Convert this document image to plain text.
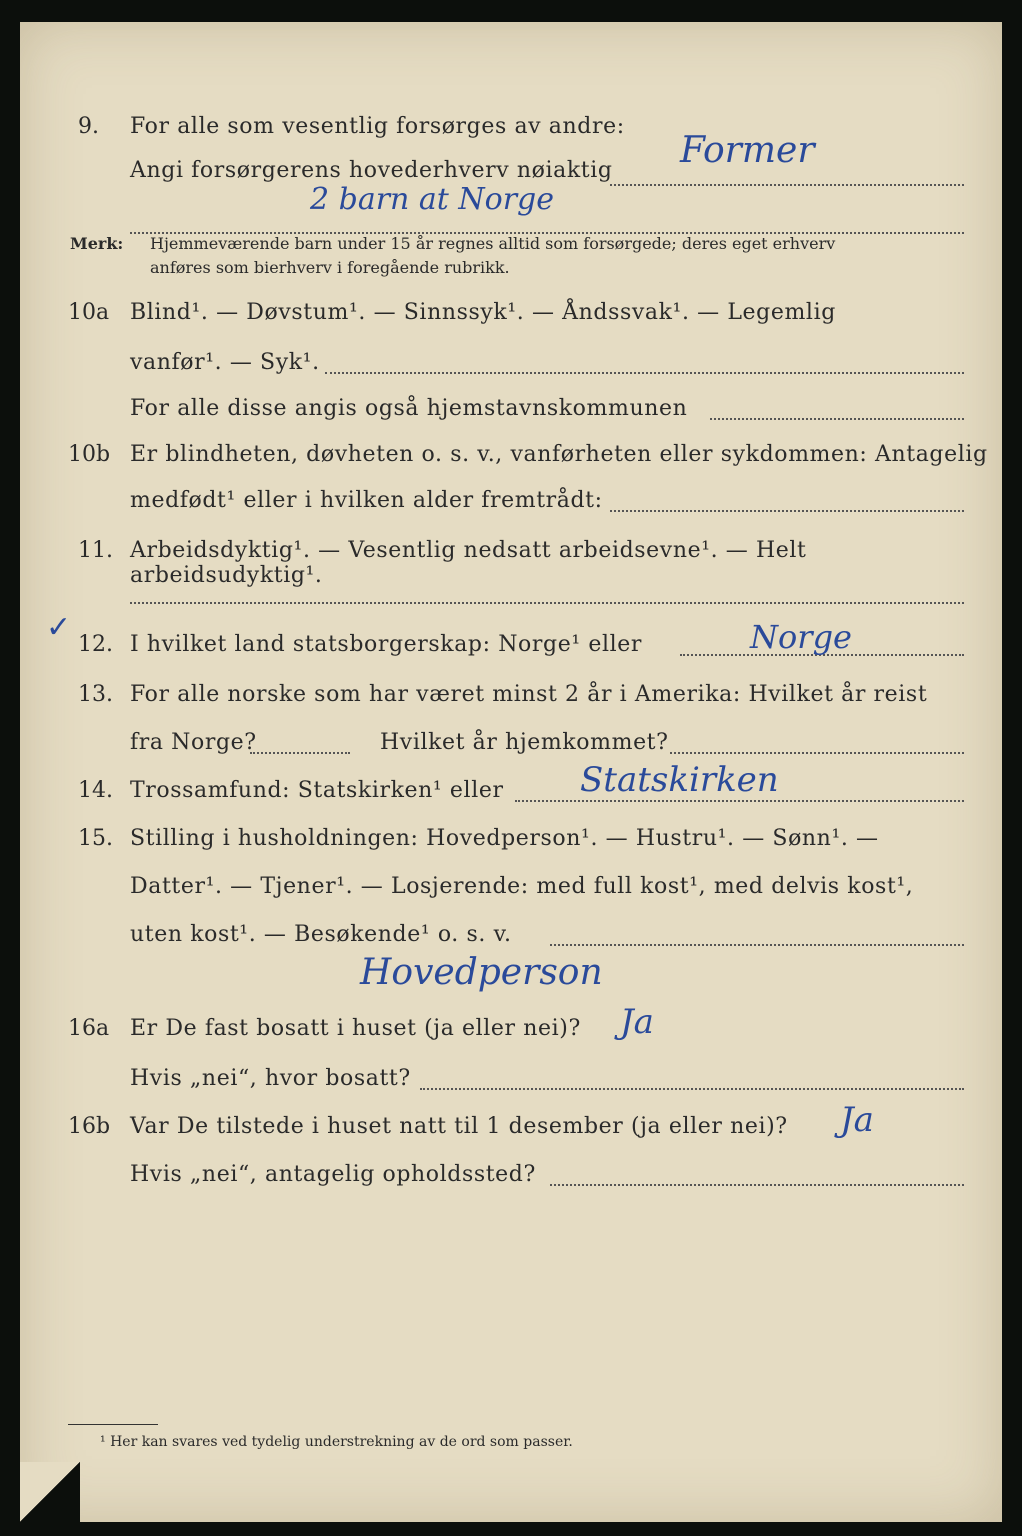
9. For alle som vesentlig forsørges av andre:
Angi forsørgerens hovederhverv nøiaktig Former
2 barn at Norge
Merk: Hjemmeværende barn under 15 år regnes alltid som forsørgede; deres eget erhverv
anføres som bierhverv i foregående rubrikk.
10a Blind¹. — Døvstum¹. — Sinnssyk¹. — Åndssvak¹. — Legemlig
vanfør¹. — Syk¹.
For alle disse angis også hjemstavnskommunen
10b Er blindheten, døvheten o. s. v., vanførheten eller sykdommen: Antagelig
medfødt¹ eller i hvilken alder fremtrådt:
11. Arbeidsdyktig¹. — Vesentlig nedsatt arbeidsevne¹. — Helt arbeidsudyktig¹.
✓ 12. I hvilket land statsborgerskap: Norge¹ eller	Norge
13. For alle norske som har været minst 2 år i Amerika: Hvilket år reist
fra Norge?	Hvilket år hjemkommet?
14. Trossamfund: Statskirken¹ eller Statskirken
15. Stilling i husholdningen: Hovedperson¹. — Hustru¹. — Sønn¹. —
Datter¹. — Tjener¹. — Losjerende: med full kost¹, med delvis kost¹,
uten kost¹. — Besøkende¹ o. s. v.
Hovedperson
16a Er De fast bosatt i huset (ja eller nei)? Ja
Hvis „nei“, hvor bosatt?
16b Var De tilstede i huset natt til 1 desember (ja eller nei)? Ja
Hvis „nei“, antagelig opholdssted?
¹ Her kan svares ved tydelig understrekning av de ord som passer.
